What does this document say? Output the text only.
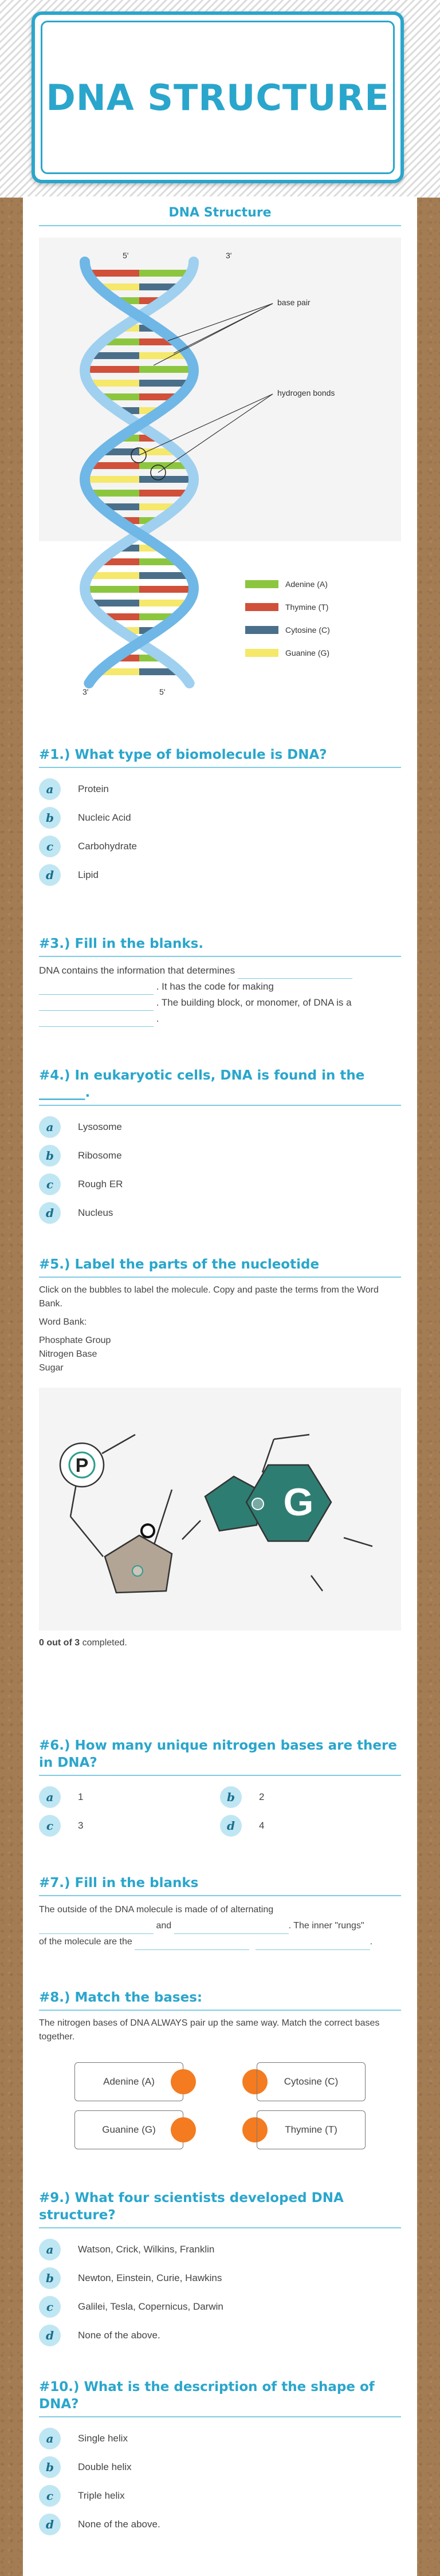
DNA STRUCTURE
DNA Structure
5'	3'
3'	5'
base pair
hydrogen bonds
Adenine (A)
Thymine (T)
Cytosine (C)
Guanine (G)
#1.) What type of biomolecule is DNA?
a	Protein
b	Nucleic Acid
c	Carbohydrate
d	Lipid
#3.) Fill in the blanks.
DNA contains the information that determines
. It has the code for making
. The building block, or monomer, of DNA is a
.
#4.) In eukaryotic cells, DNA is found in the _______.
a	Lysosome
b	Ribosome
c	Rough ER
d	Nucleus
#5.) Label the parts of the nucleotide
Click on the bubbles to label the molecule. Copy and paste the terms from the Word Bank.
Word Bank:
Phosphate Group
Nitrogen Base
Sugar
P
G
0 out of 3 completed.
#6.) How many unique nitrogen bases are there in DNA?
a	1	b	2
c	3	d	4
#7.) Fill in the blanks
The outside of the DNA molecule is made of of alternating
and	. The inner "rungs"
of the molecule are the	.
#8.) Match the bases:
The nitrogen bases of DNA ALWAYS pair up the same way. Match the correct bases together.
Adenine (A)	Cytosine (C)
Guanine (G)	Thymine (T)
#9.) What four scientists developed DNA structure?
a	Watson, Crick, Wilkins, Franklin
b	Newton, Einstein, Curie, Hawkins
c	Galilei, Tesla, Copernicus, Darwin
d	None of the above.
#10.) What is the description of the shape of DNA?
a	Single helix
b	Double helix
c	Triple helix
d	None of the above.
